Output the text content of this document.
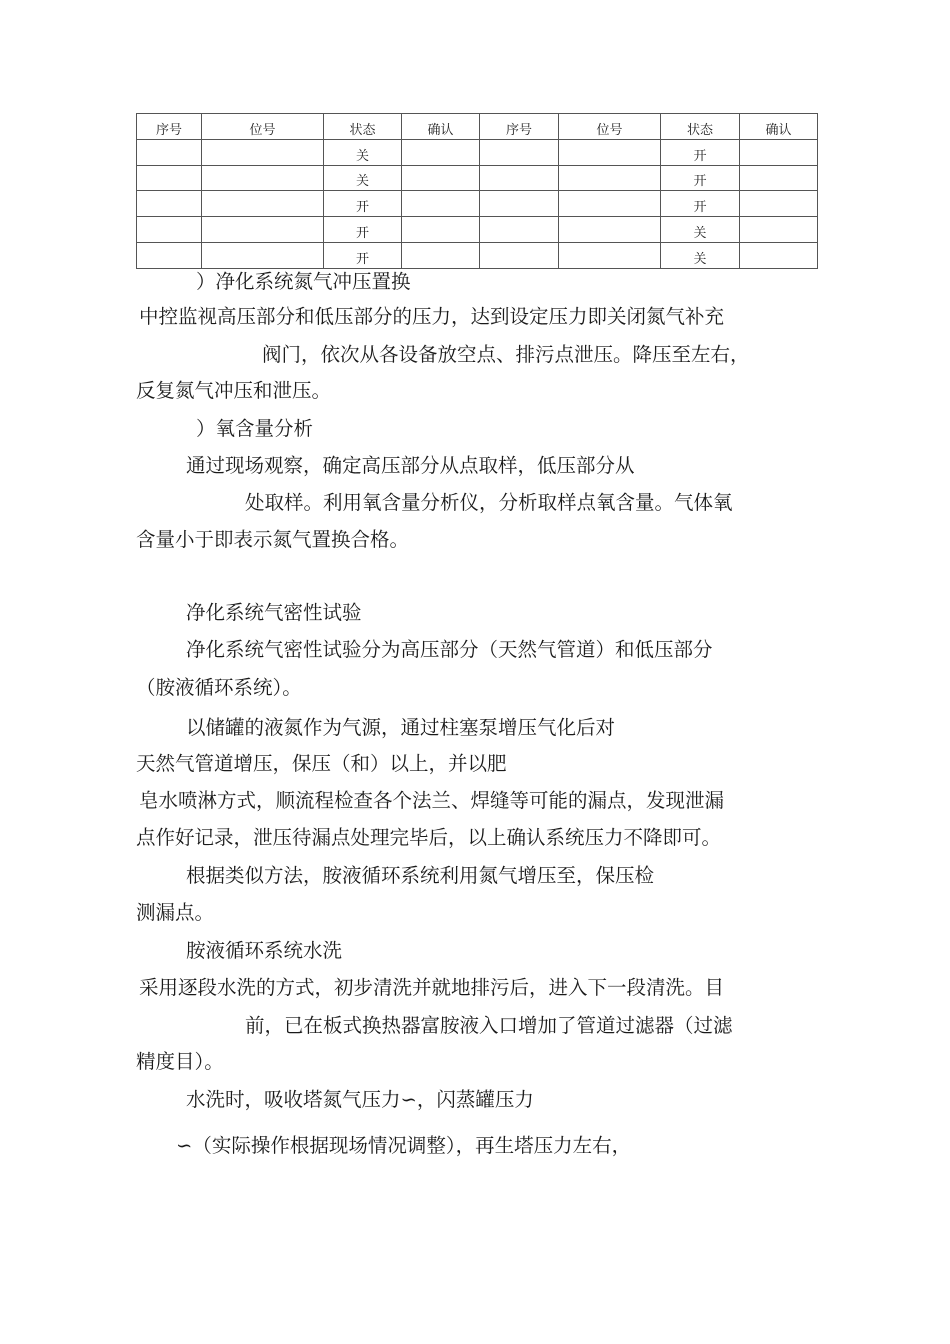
序号	位号	状态	确认	序号	位号	状态	确认
		关				开	
		关				开	
		开				开	
		开				关	
		开				关	
）净化系统氮气冲压置换
中控监视高压部分和低压部分的压力，达到设定压力即关闭氮气补充
阀门，依次从各设备放空点、排污点泄压。降压至左右，
反复氮气冲压和泄压。
）氧含量分析
通过现场观察，确定高压部分从点取样，低压部分从
处取样。利用氧含量分析仪，分析取样点氧含量。气体氧
含量小于即表示氮气置换合格。
净化系统气密性试验
净化系统气密性试验分为高压部分（天然气管道）和低压部分
（胺液循环系统）。
以储罐的液氮作为气源，通过柱塞泵增压气化后对
天然气管道增压，保压（和）以上，并以肥
皂水喷淋方式，顺流程检查各个法兰、焊缝等可能的漏点，发现泄漏
点作好记录，泄压待漏点处理完毕后，以上确认系统压力不降即可。
根据类似方法，胺液循环系统利用氮气增压至，保压检
测漏点。
胺液循环系统水洗
采用逐段水洗的方式，初步清洗并就地排污后，进入下一段清洗。目
前，已在板式换热器富胺液入口增加了管道过滤器（过滤
精度目）。
水洗时，吸收塔氮气压力∽，闪蒸罐压力
∽（实际操作根据现场情况调整），再生塔压力左右，
